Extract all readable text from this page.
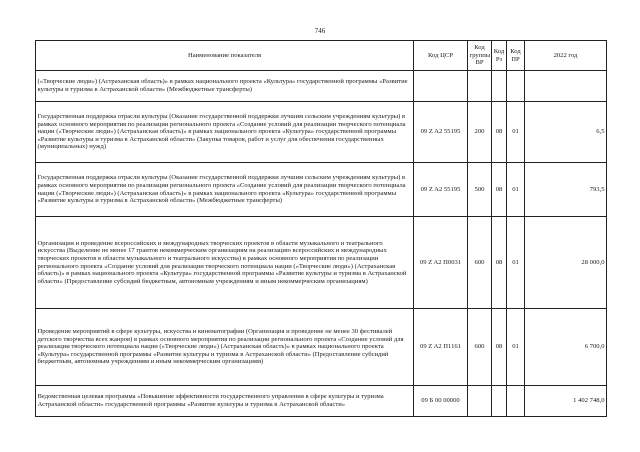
746
Наименование показателя	Код ЦСР	Код группы ВР	Код Рз	Код ПР	2022 год
(«Творческие люди») (Астраханская область)» в рамках национального проекта «Культура» государственной программы «Развитие культуры и туризма в Астраханской области» (Межбюджетные трансферты)					
Государственная поддержка отрасли культуры (Оказание государственной поддержки лучшим сельским учреждениям культуры) в рамках основного мероприятия по реализации регионального проекта «Создание условий для реализации творческого потенциала нации («Творческие люди») (Астраханская область)» в рамках национального проекта «Культура» государственной программы «Развитие культуры и туризма в Астраханской области» (Закупка товаров, работ и услуг для обеспечения государственных (муниципальных) нужд)	09 Z A2 55195	200	08	01	6,5
Государственная поддержка отрасли культуры (Оказание государственной поддержки лучшим сельским учреждениям культуры) в рамках основного мероприятия по реализации регионального проекта «Создание условий для реализации творческого потенциала нации («Творческие люди») (Астраханская область)» в рамках национального проекта «Культура» государственной программы «Развитие культуры и туризма в Астраханской области» (Межбюджетные трансферты)	09 Z A2 55195	500	08	01	793,5
Организация и проведение всероссийских и международных творческих проектов в области музыкального и театрального искусства (Выделение не менее 17 грантов некоммерческим организациям на реализацию всероссийских и международных творческих проектов в области музыкального и театрального искусства) в рамках основного мероприятия по реализации регионального проекта «Создание условий для реализации творческого потенциала нации («Творческие люди») (Астраханская область)» в рамках национального проекта «Культура» государственной программы «Развитие культуры и туризма в Астраханской области» (Предоставление субсидий бюджетным, автономным учреждениям и иным некоммерческим организациям)	09 Z A2 П0031	600	08	01	28 000,0
Проведение мероприятий в сфере культуры, искусства и кинематографии (Организация и проведение не менее 30 фестивалей детского творчества всех жанров) в рамках основного мероприятия по реализации регионального проекта «Создание условий для реализации творческого потенциала нации («Творческие люди») (Астраханская область)» в рамках национального проекта «Культура» государственной программы «Развитие культуры и туризма в Астраханской области» (Предоставление субсидий бюджетным, автономным учреждениям и иным некоммерческим организациям)	09 Z A2 П1161	600	08	01	6 700,0
Ведомственная целевая программа «Повышение эффективности государственного управления в сфере культуры и туризма Астраханской области» государственной программы «Развитие культуры и туризма в Астраханской области»	09 Б 00 00000				1 402 748,0
